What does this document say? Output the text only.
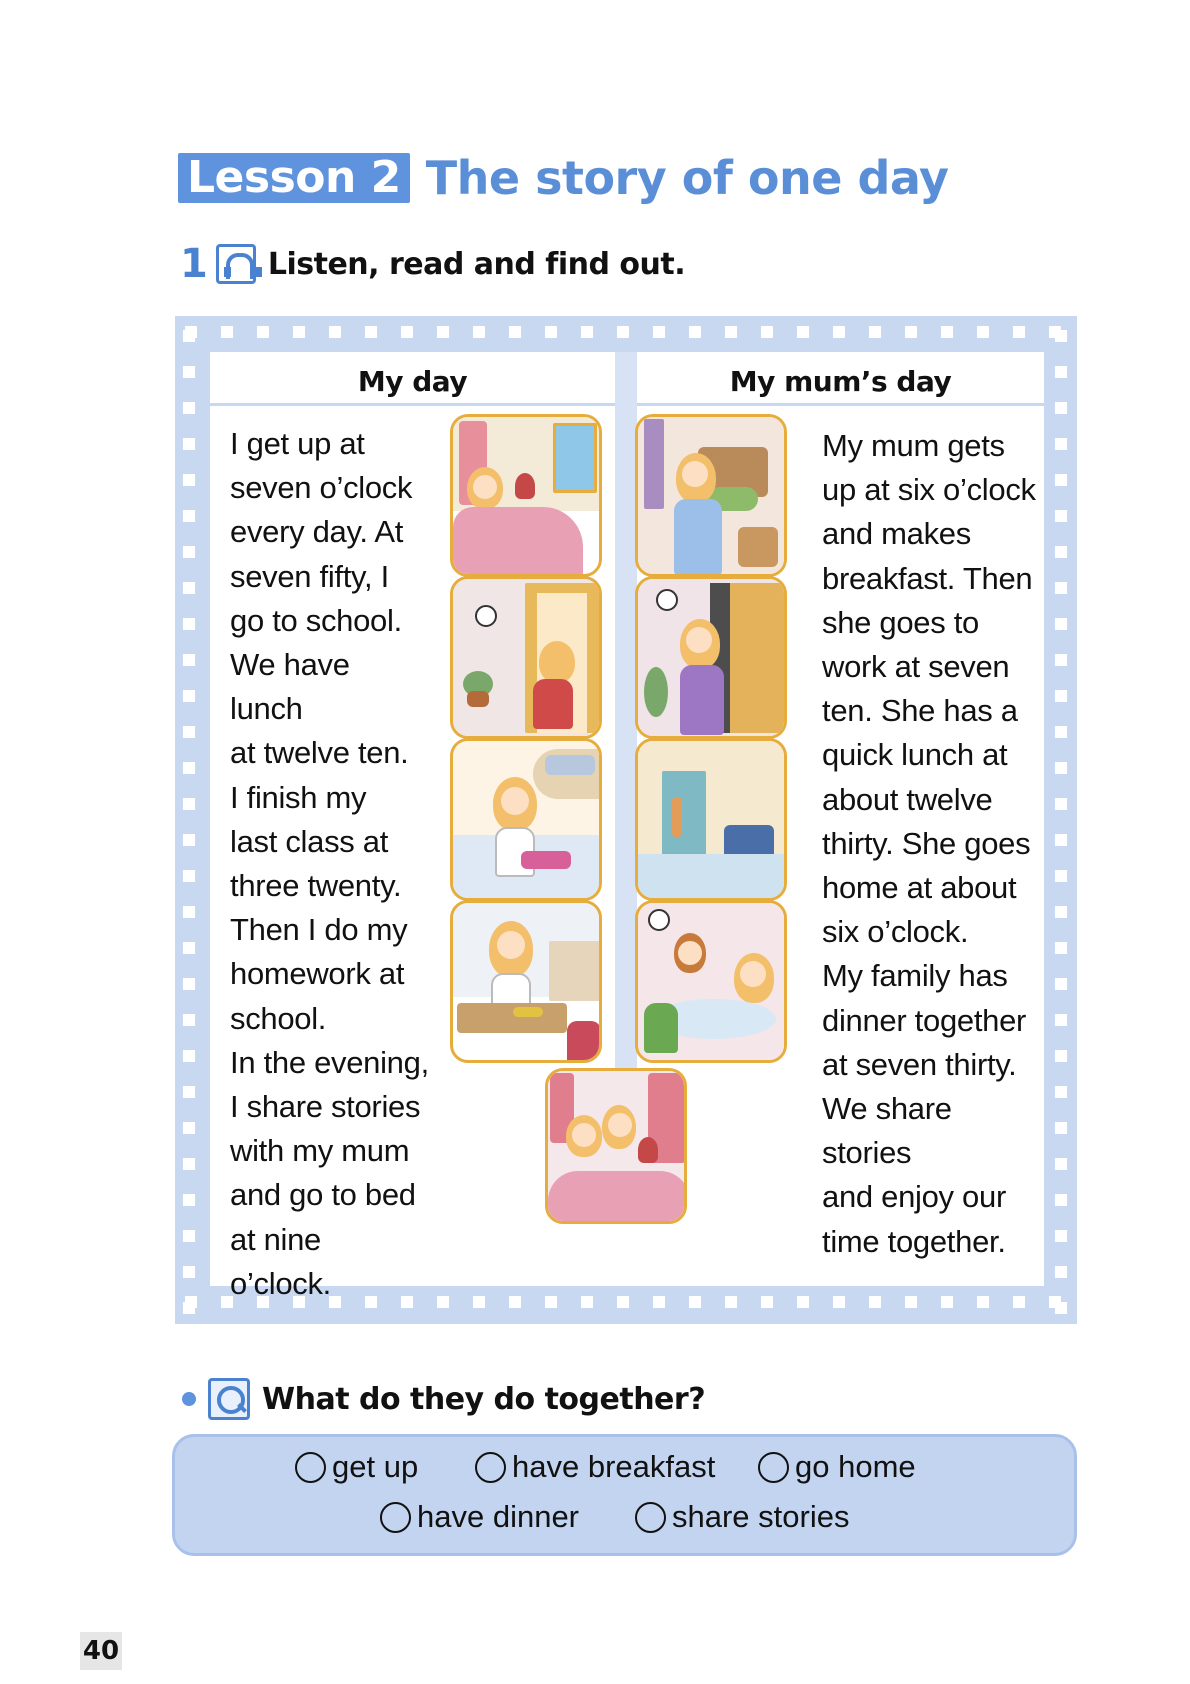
Lesson 2 The story of one day
1 Listen, read and find out.
My day	My mum’s day
I get up at
seven o’clock
every day. At
seven fifty, I
go to school.
We have lunch
at twelve ten.
I finish my
last class at
three twenty.
Then I do my
homework at
school.
In the evening,
I share stories
with my mum
and go to bed
at nine o’clock.
My mum gets
up at six o’clock
and makes
breakfast. Then
she goes to
work at seven
ten. She has a
quick lunch at
about twelve
thirty. She goes
home at about
six o’clock.
My family has
dinner together
at seven thirty.
We share stories
and enjoy our
time together.
What do they do together?
get up	have breakfast	go home
have dinner	share stories
40
